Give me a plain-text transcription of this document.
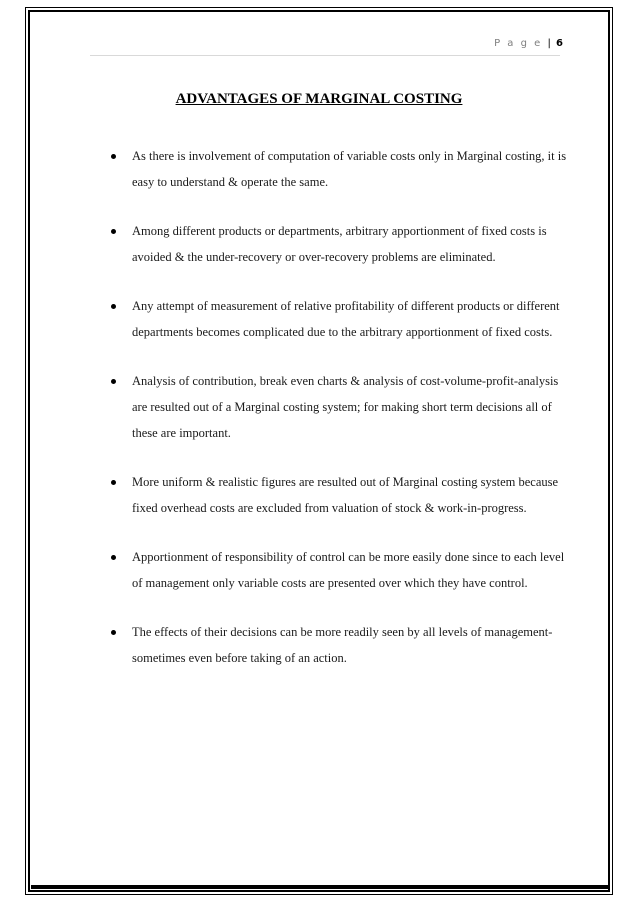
P a g e | 6
ADVANTAGES OF MARGINAL COSTING
As there is involvement of computation of variable costs only in Marginal costing, it is easy to understand & operate the same.
Among different products or departments, arbitrary apportionment of fixed costs is avoided & the under-recovery or over-recovery problems are eliminated.
Any attempt of measurement of relative profitability of different products or different departments becomes complicated due to the arbitrary apportionment of fixed costs.
Analysis of contribution, break even charts & analysis of cost-volume-profit-analysis are resulted out of a Marginal costing system; for making short term decisions all of these are important.
More uniform & realistic figures are resulted out of Marginal costing system because fixed overhead costs are excluded from valuation of stock & work-in-progress.
Apportionment of responsibility of control can be more easily done since to each level of management only variable costs are presented over which they have control.
The effects of their decisions can be more readily seen by all levels of management- sometimes even before taking of an action.
